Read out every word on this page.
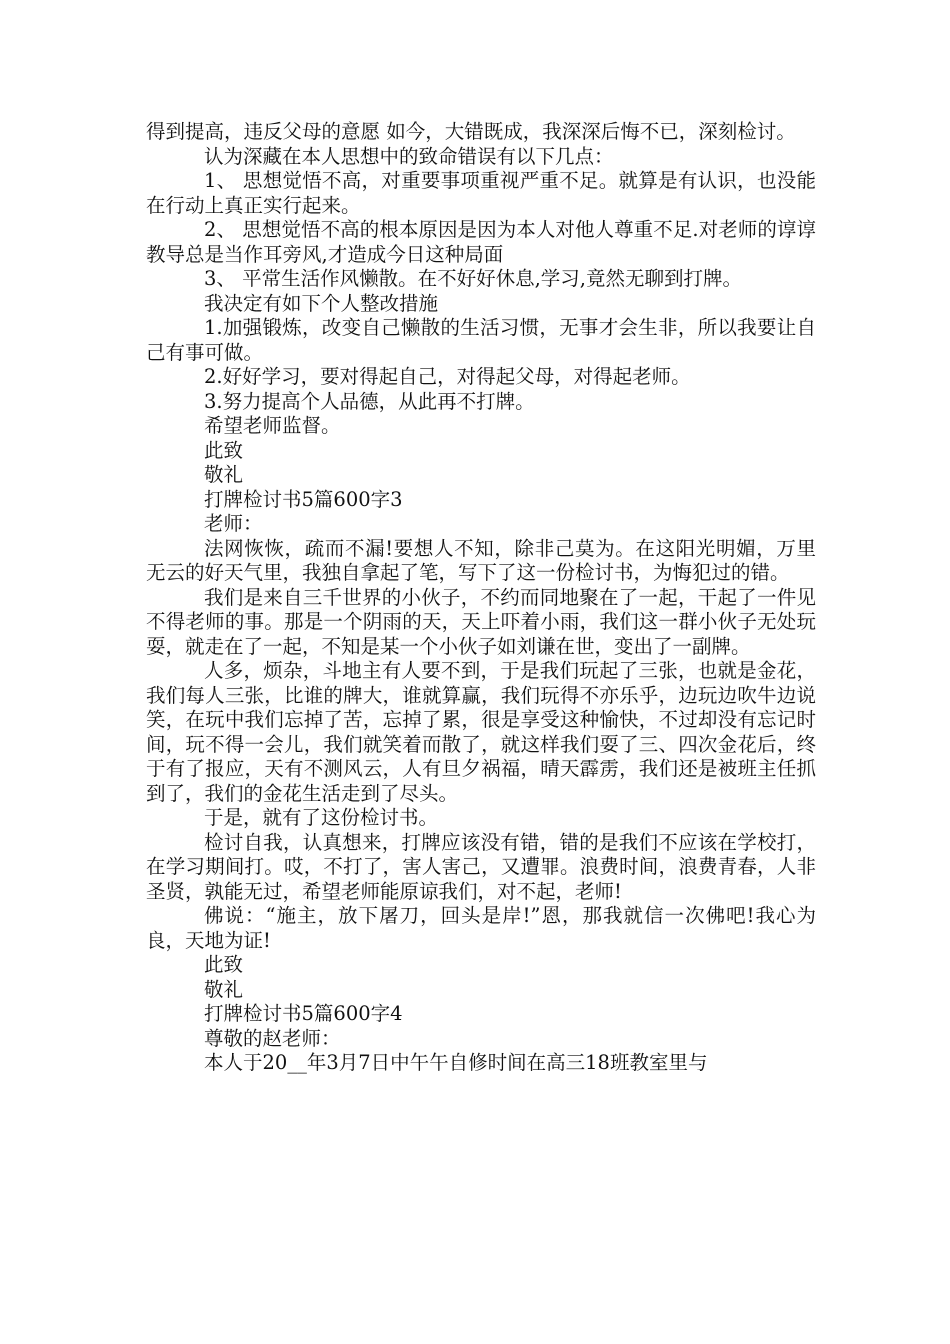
得到提高，违反父母的意愿 如今，大错既成，我深深后悔不已，深刻检讨。

认为深藏在本人思想中的致命错误有以下几点：

1、 思想觉悟不高，对重要事项重视严重不足。就算是有认识，也没能在行动上真正实行起来。

2、 思想觉悟不高的根本原因是因为本人对他人尊重不足.对老师的谆谆教导总是当作耳旁风,才造成今日这种局面

3、 平常生活作风懒散。在不好好休息,学习,竟然无聊到打牌。

我决定有如下个人整改措施

1.加强锻炼，改变自己懒散的生活习惯，无事才会生非，所以我要让自己有事可做。

2.好好学习，要对得起自己，对得起父母，对得起老师。

3.努力提高个人品德，从此再不打牌。

希望老师监督。

此致

敬礼

打牌检讨书5篇600字3

老师：

法网恢恢，疏而不漏!要想人不知，除非己莫为。在这阳光明媚，万里无云的好天气里，我独自拿起了笔，写下了这一份检讨书，为悔犯过的错。

我们是来自三千世界的小伙子，不约而同地聚在了一起，干起了一件见不得老师的事。那是一个阴雨的天，天上吓着小雨，我们这一群小伙子无处玩耍，就走在了一起，不知是某一个小伙子如刘谦在世，变出了一副牌。

人多，烦杂，斗地主有人要不到，于是我们玩起了三张，也就是金花，我们每人三张，比谁的牌大，谁就算赢，我们玩得不亦乐乎，边玩边吹牛边说笑，在玩中我们忘掉了苦，忘掉了累，很是享受这种愉快，不过却没有忘记时间，玩不得一会儿，我们就笑着而散了，就这样我们耍了三、四次金花后，终于有了报应，天有不测风云，人有旦夕祸福，晴天霹雳，我们还是被班主任抓到了，我们的金花生活走到了尽头。

于是，就有了这份检讨书。

检讨自我，认真想来，打牌应该没有错，错的是我们不应该在学校打，在学习期间打。哎，不打了，害人害己，又遭罪。浪费时间，浪费青春，人非圣贤，孰能无过，希望老师能原谅我们，对不起，老师!

佛说：“施主，放下屠刀，回头是岸!”恩，那我就信一次佛吧!我心为良，天地为证!

此致

敬礼

打牌检讨书5篇600字4

尊敬的赵老师：

本人于20__年3月7日中午午自修时间在高三18班教室里与
